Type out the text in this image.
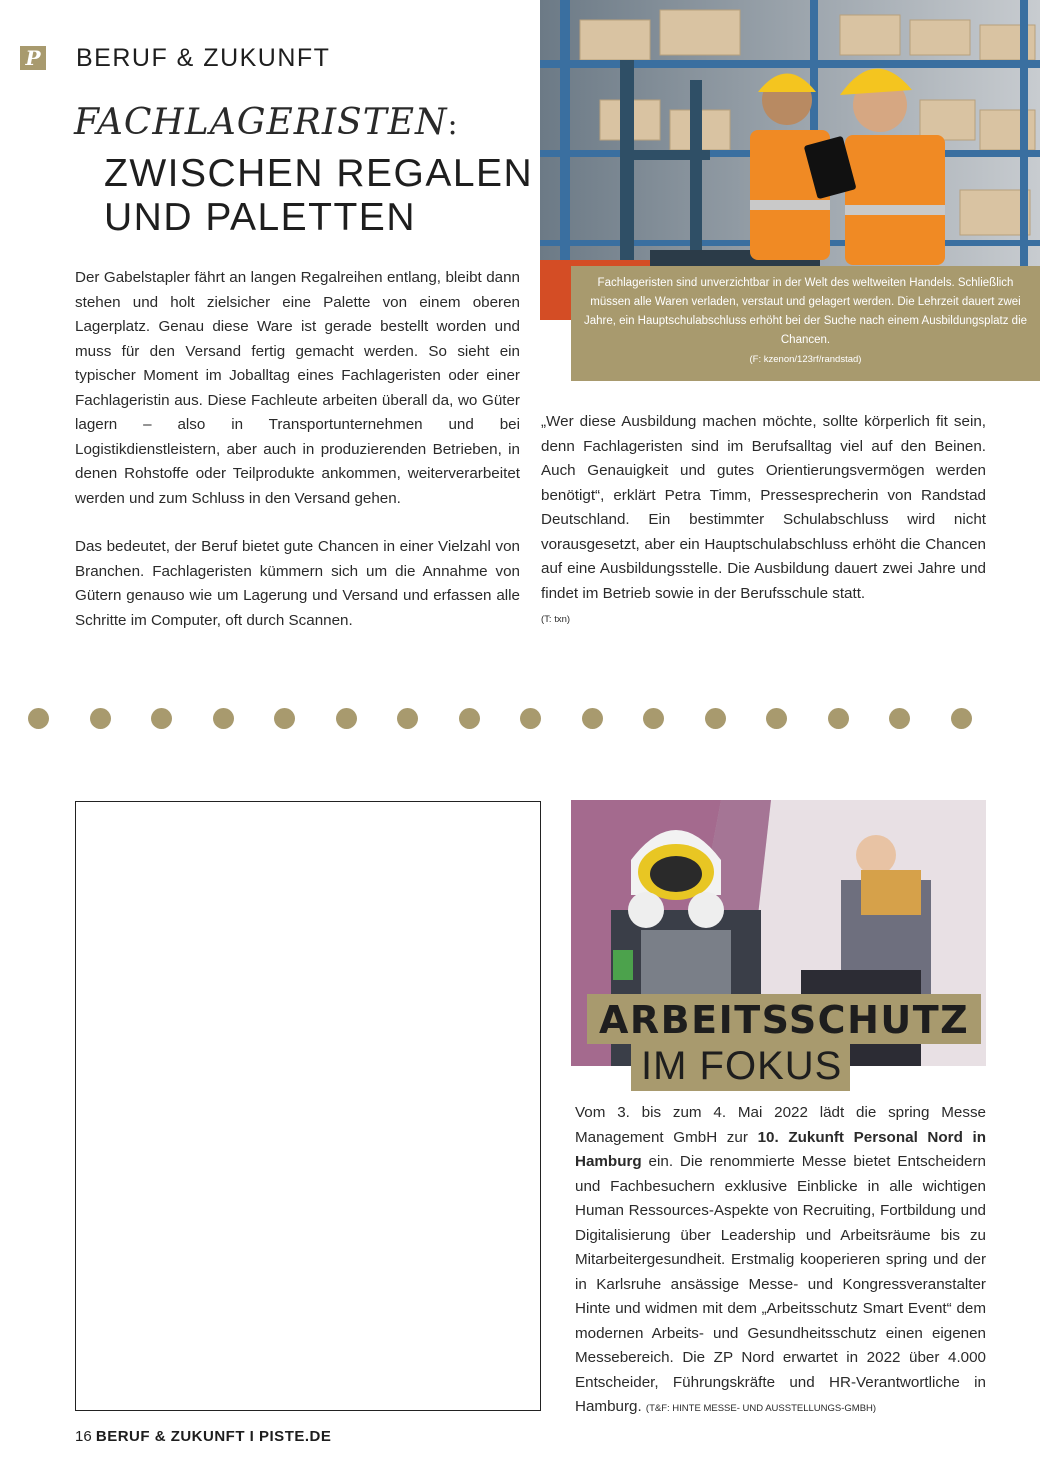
P BERUF & ZUKUNFT
FACHLAGERISTEN:
ZWISCHEN REGALEN
UND PALETTEN
Fachlageristen sind unverzichtbar in der Welt des weltweiten Handels. Schließlich müssen alle Waren verladen, verstaut und gelagert werden. Die Lehrzeit dauert zwei Jahre, ein Hauptschulabschluss erhöht bei der Suche nach einem Ausbildungsplatz die Chancen.
(F: kzenon/123rf/randstad)
Der Gabelstapler fährt an langen Regalreihen entlang, bleibt dann stehen und holt zielsicher eine Palette von einem oberen Lagerplatz. Genau diese Ware ist gerade bestellt worden und muss für den Versand fertig gemacht werden. So sieht ein typischer Moment im Joballtag eines Fachlageristen oder einer Fachlageristin aus. Diese Fachleute arbeiten überall da, wo Güter lagern – also in Transportunternehmen und bei Logistikdienstleistern, aber auch in produzierenden Betrieben, in denen Rohstoffe oder Teilprodukte ankommen, weiterverarbeitet werden und zum Schluss in den Versand gehen.
Das bedeutet, der Beruf bietet gute Chancen in einer Vielzahl von Branchen. Fachlageristen kümmern sich um die Annahme von Gütern genauso wie um Lagerung und Versand und erfassen alle Schritte im Computer, oft durch Scannen.
„Wer diese Ausbildung machen möchte, sollte körperlich fit sein, denn Fachlageristen sind im Berufsalltag viel auf den Beinen. Auch Genauigkeit und gutes Orientierungsvermögen werden benötigt“, erklärt Petra Timm, Pressesprecherin von Randstad Deutschland. Ein bestimmter Schulabschluss wird nicht vorausgesetzt, aber ein Hauptschulabschluss erhöht die Chancen auf eine Ausbildungsstelle. Die Ausbildung dauert zwei Jahre und findet im Betrieb sowie in der Berufsschule statt.
(T: txn)
ARBEITSSCHUTZ
IM FOKUS
Vom 3. bis zum 4. Mai 2022 lädt die spring Messe Management GmbH zur 10. Zukunft Personal Nord in Hamburg ein. Die renommierte Messe bietet Entscheidern und Fachbesuchern exklusive Einblicke in alle wichtigen Human Ressources-Aspekte von Recruiting, Fortbildung und Digitalisierung über Leadership und Arbeitsräume bis zu Mitarbeitergesundheit. Erstmalig kooperieren spring und der in Karlsruhe ansässige Messe- und Kongressveranstalter Hinte und widmen mit dem „Arbeitsschutz Smart Event“ dem modernen Arbeits- und Gesundheitsschutz einen eigenen Messebereich. Die ZP Nord erwartet in 2022 über 4.000 Entscheider, Führungskräfte und HR-Verantwortliche in Hamburg. (T&F: HINTE MESSE- UND AUSSTELLUNGS-GMBH)
16 BERUF & ZUKUNFT I PISTE.DE
